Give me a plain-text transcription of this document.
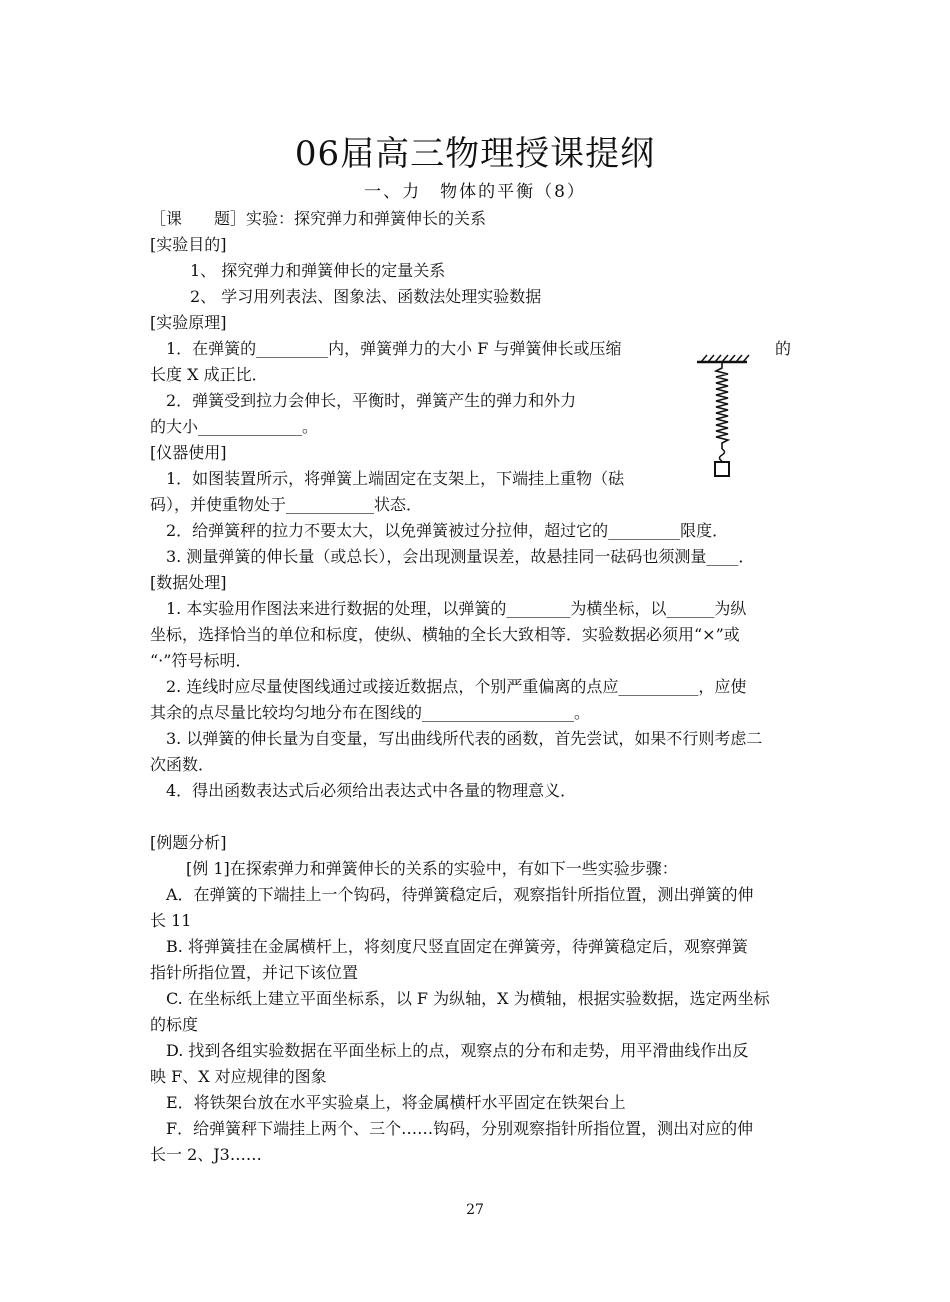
06届高三物理授课提纲
一、力　物体的平衡（8）
［课　　题］实验：探究弹力和弹簧伸长的关系
[实验目的]
1、 探究弹力和弹簧伸长的定量关系
2、 学习用列表法、图象法、函数法处理实验数据
[实验原理]
1．在弹簧的_________内，弹簧弹力的大小 F 与弹簧伸长或压缩	的
长度 X 成正比．
2．弹簧受到拉力会伸长，平衡时，弹簧产生的弹力和外力
的大小_____________。
[仪器使用]
1．如图装置所示，将弹簧上端固定在支架上，下端挂上重物（砝
码），并使重物处于___________状态．
2．给弹簧秤的拉力不要太大，以免弹簧被过分拉伸，超过它的_________限度．
3. 测量弹簧的伸长量（或总长），会出现测量误差，故悬挂同一砝码也须测量____．
[数据处理]
1. 本实验用作图法来进行数据的处理，以弹簧的________为横坐标，以______为纵
坐标，选择恰当的单位和标度，使纵、横轴的全长大致相等．实验数据必须用“×”或
“·”符号标明．
2. 连线时应尽量使图线通过或接近数据点，个别严重偏离的点应__________，应使
其余的点尽量比较均匀地分布在图线的___________________。
3. 以弹簧的伸长量为自变量，写出曲线所代表的函数，首先尝试，如果不行则考虑二
次函数．
4．得出函数表达式后必须给出表达式中各量的物理意义．
[例题分析]
[例 1]在探索弹力和弹簧伸长的关系的实验中，有如下一些实验步骤：
A．在弹簧的下端挂上一个钩码，待弹簧稳定后，观察指针所指位置，测出弹簧的伸
长 11
B. 将弹簧挂在金属横杆上，将刻度尺竖直固定在弹簧旁，待弹簧稳定后，观察弹簧
指针所指位置，并记下该位置
C. 在坐标纸上建立平面坐标系，以 F 为纵轴，X 为横轴，根据实验数据，选定两坐标
的标度
D. 找到各组实验数据在平面坐标上的点，观察点的分布和走势，用平滑曲线作出反
映 F、X 对应规律的图象
E．将铁架台放在水平实验桌上，将金属横杆水平固定在铁架台上
F．给弹簧秤下端挂上两个、三个……钩码，分别观察指针所指位置，测出对应的伸
长一 2、J3……
27
